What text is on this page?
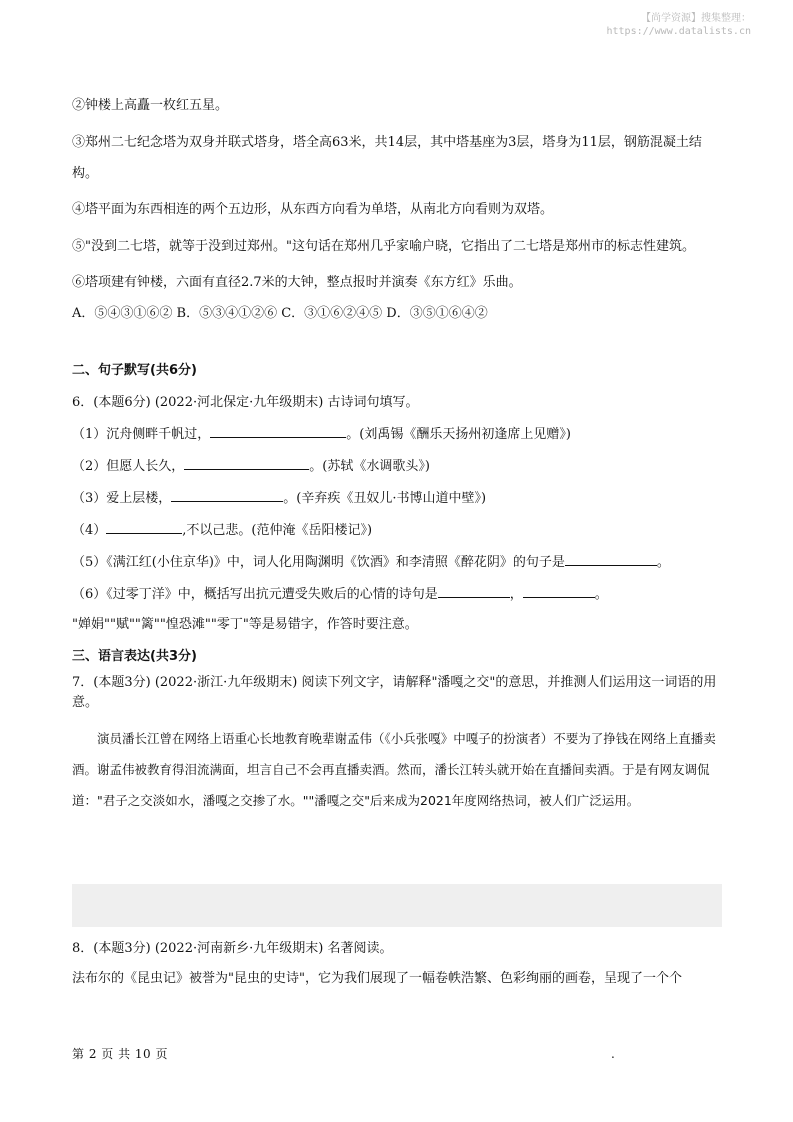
【尚学资源】搜集整理：
https://www.datalists.cn
②钟楼上高矗一枚红五星。
③郑州二七纪念塔为双身并联式塔身，塔全高63米，共14层，其中塔基座为3层，塔身为11层，钢筋混凝土结构。
④塔平面为东西相连的两个五边形，从东西方向看为单塔，从南北方向看则为双塔。
⑤"没到二七塔，就等于没到过郑州。"这句话在郑州几乎家喻户晓，它指出了二七塔是郑州市的标志性建筑。
⑥塔项建有钟楼，六面有直径2.7米的大钟，整点报时并演奏《东方红》乐曲。
A．⑤④③①⑥② B．⑤③④①②⑥ C．③①⑥②④⑤ D．③⑤①⑥④②
二、句子默写(共6分)
6．(本题6分) (2022·河北保定·九年级期末) 古诗词句填写。
（1）沉舟侧畔千帆过，	。(刘禹锡《酬乐天扬州初逢席上见赠》)
（2）但愿人长久，	。(苏轼《水调歌头》)
（3）爱上层楼，	。(辛弃疾《丑奴儿·书博山道中壁》)
（4）	,不以己悲。(范仲淹《岳阳楼记》)
（5）《满江红(小住京华)》中，词人化用陶渊明《饮酒》和李清照《醉花阴》的句子是	。
（6）《过零丁洋》中，概括写出抗元遭受失败后的心情的诗句是	，	。
"婵娟""赋""篱""惶恐滩""零丁"等是易错字，作答时要注意。
三、语言表达(共3分)
7．(本题3分) (2022·浙江·九年级期末) 阅读下列文字，请解释"潘嘎之交"的意思，并推测人们运用这一词语的用意。
演员潘长江曾在网络上语重心长地教育晚辈谢孟伟（《小兵张嘎》中嘎子的扮演者）不要为了挣钱在网络上直播卖酒。谢孟伟被教育得泪流满面，坦言自己不会再直播卖酒。然而，潘长江转头就开始在直播间卖酒。于是有网友调侃道："君子之交淡如水，潘嘎之交掺了水。""潘嘎之交"后来成为2021年度网络热词，被人们广泛运用。
8．(本题3分) (2022·河南新乡·九年级期末) 名著阅读。
法布尔的《昆虫记》被誉为"昆虫的史诗"，它为我们展现了一幅卷帙浩繁、色彩绚丽的画卷，呈现了一个个
第 2 页 共 10 页	.
